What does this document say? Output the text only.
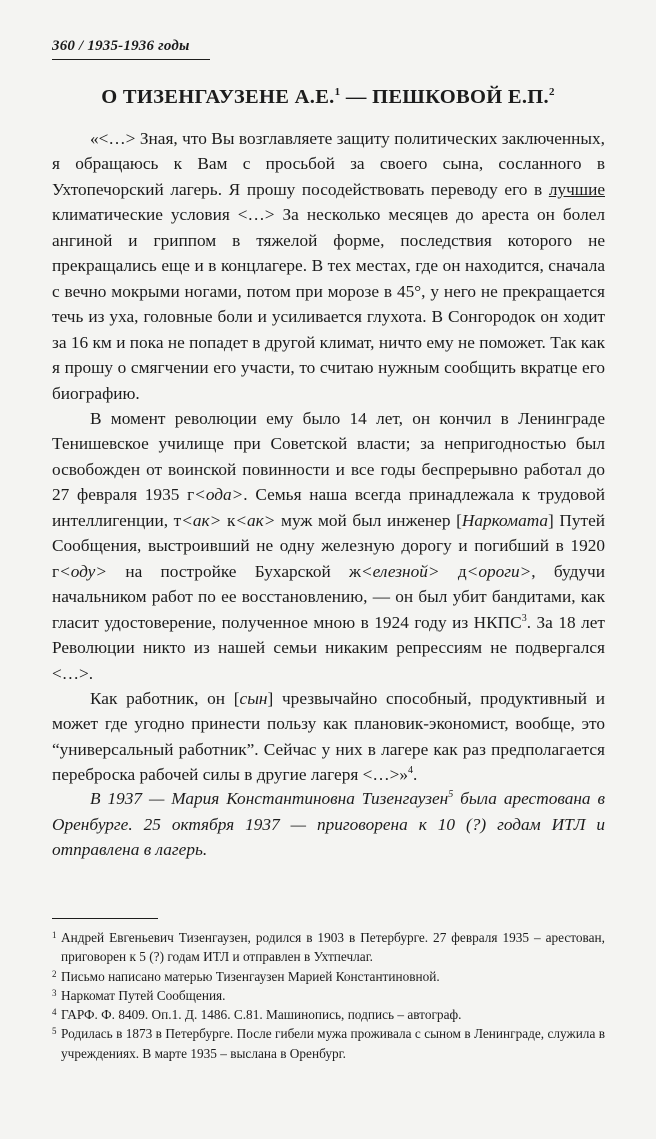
360 / 1935-1936 годы
О ТИЗЕНГАУЗЕНЕ А.Е.$^1$ — ПЕШКОВОЙ Е.П.$^2$

«<…> Зная, что Вы возглавляете защиту политических заключенных, я обращаюсь к Вам с просьбой за своего сына, сосланного в Ухтопечорский лагерь. Я прошу посодействовать переводу его в лучшие климатические условия <…> За несколько месяцев до ареста он болел ангиной и гриппом в тяжелой форме, последствия которого не прекращались еще и в концлагере. В тех местах, где он находится, сначала с вечно мокрыми ногами, потом при морозе в 45°, у него не прекращается течь из уха, головные боли и усиливается глухота. В Сонгородок он ходит за 16 км и пока не попадет в другой климат, ничто ему не поможет. Так как я прошу о смягчении его участи, то считаю нужным сообщить вкратце его биографию.

В момент революции ему было 14 лет, он кончил в Ленинграде Тенишевское училище при Советской власти; за непригодностью был освобожден от воинской повинности и все годы беспрерывно работал до 27 февраля 1935 г<ода>. Семья наша всегда принадлежала к трудовой интеллигенции, т<ак> к<ак> муж мой был инженер [Наркомата] Путей Сообщения, выстроивший не одну железную дорогу и погибший в 1920 г<оду> на постройке Бухарской ж<елезной> д<ороги>, будучи начальником работ по ее восстановлению, — он был убит бандитами, как гласит удостоверение, полученное мною в 1924 году из НКПС$^3$. За 18 лет Революции никто из нашей семьи никаким репрессиям не подвергался <…>.

Как работник, он [сын] чрезвычайно способный, продуктивный и может где угодно принести пользу как плановик-экономист, вообще, это “универсальный работник”. Сейчас у них в лагере как раз предполагается переброска рабочей силы в другие лагеря <…>»$^4$.

В 1937 — Мария Константиновна Тизенгаузен$^5$ была арестована в Оренбурге. 25 октября 1937 — приговорена к 10 (?) годам ИТЛ и отправлена в лагерь.

1 Андрей Евгеньевич Тизенгаузен, родился в 1903 в Петербурге. 27 февраля 1935 – арестован, приговорен к 5 (?) годам ИТЛ и отправлен в Ухтпечлаг.
2 Письмо написано матерью Тизенгаузен Марией Константиновной.
3 Наркомат Путей Сообщения.
4 ГАРФ. Ф. 8409. Оп.1. Д. 1486. С.81. Машинопись, подпись – автограф.
5 Родилась в 1873 в Петербурге. После гибели мужа проживала с сыном в Ленинграде, служила в учреждениях. В марте 1935 – выслана в Оренбург.
